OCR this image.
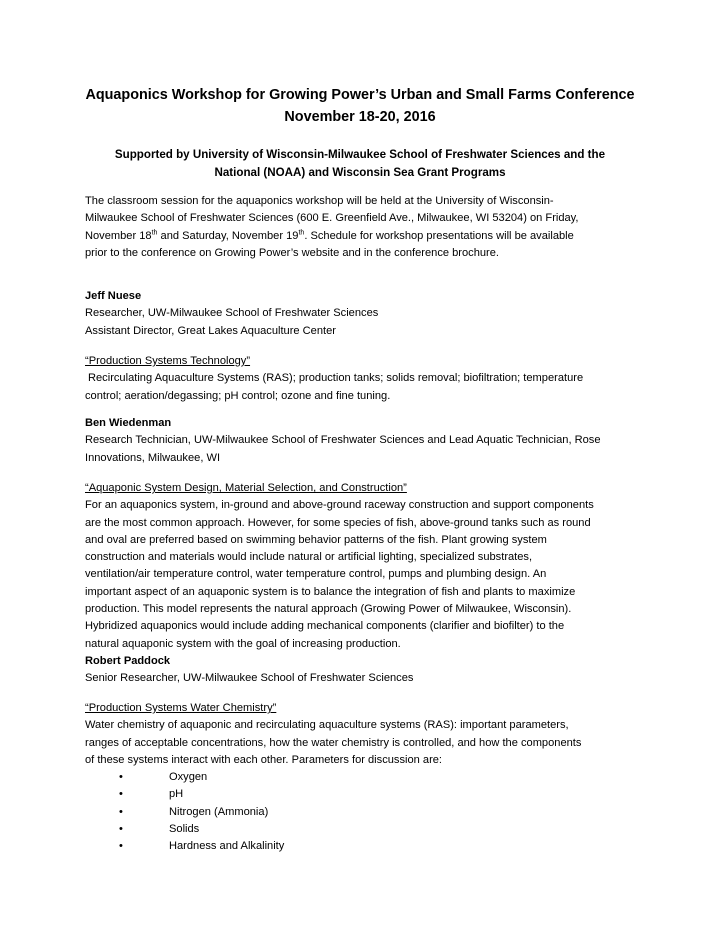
Aquaponics Workshop for Growing Power’s Urban and Small Farms Conference
November 18-20, 2016
Supported by University of Wisconsin-Milwaukee School of Freshwater Sciences and the
National (NOAA) and Wisconsin Sea Grant Programs
The classroom session for the aquaponics workshop will be held at the University of Wisconsin-
Milwaukee School of Freshwater Sciences (600 E. Greenfield Ave., Milwaukee, WI 53204) on Friday,
November 18th and Saturday, November 19th. Schedule for workshop presentations will be available
prior to the conference on Growing Power’s website and in the conference brochure.
Jeff Nuese
Researcher, UW-Milwaukee School of Freshwater Sciences
Assistant Director, Great Lakes Aquaculture Center
“Production Systems Technology”
Recirculating Aquaculture Systems (RAS); production tanks; solids removal; biofiltration; temperature
control; aeration/degassing; pH control; ozone and fine tuning.
Ben Wiedenman
Research Technician, UW-Milwaukee School of Freshwater Sciences and Lead Aquatic Technician, Rose
Innovations, Milwaukee, WI
“Aquaponic System Design, Material Selection, and Construction”
For an aquaponics system, in-ground and above-ground raceway construction and support components
are the most common approach. However, for some species of fish, above-ground tanks such as round
and oval are preferred based on swimming behavior patterns of the fish. Plant growing system
construction and materials would include natural or artificial lighting, specialized substrates,
ventilation/air temperature control, water temperature control, pumps and plumbing design. An
important aspect of an aquaponic system is to balance the integration of fish and plants to maximize
production. This model represents the natural approach (Growing Power of Milwaukee, Wisconsin).
Hybridized aquaponics would include adding mechanical components (clarifier and biofilter) to the
natural aquaponic system with the goal of increasing production.
Robert Paddock
Senior Researcher, UW-Milwaukee School of Freshwater Sciences
“Production Systems Water Chemistry”
Water chemistry of aquaponic and recirculating aquaculture systems (RAS): important parameters,
ranges of acceptable concentrations, how the water chemistry is controlled, and how the components
of these systems interact with each other. Parameters for discussion are:
•	Oxygen
•	pH
•	Nitrogen (Ammonia)
•	Solids
•	Hardness and Alkalinity
